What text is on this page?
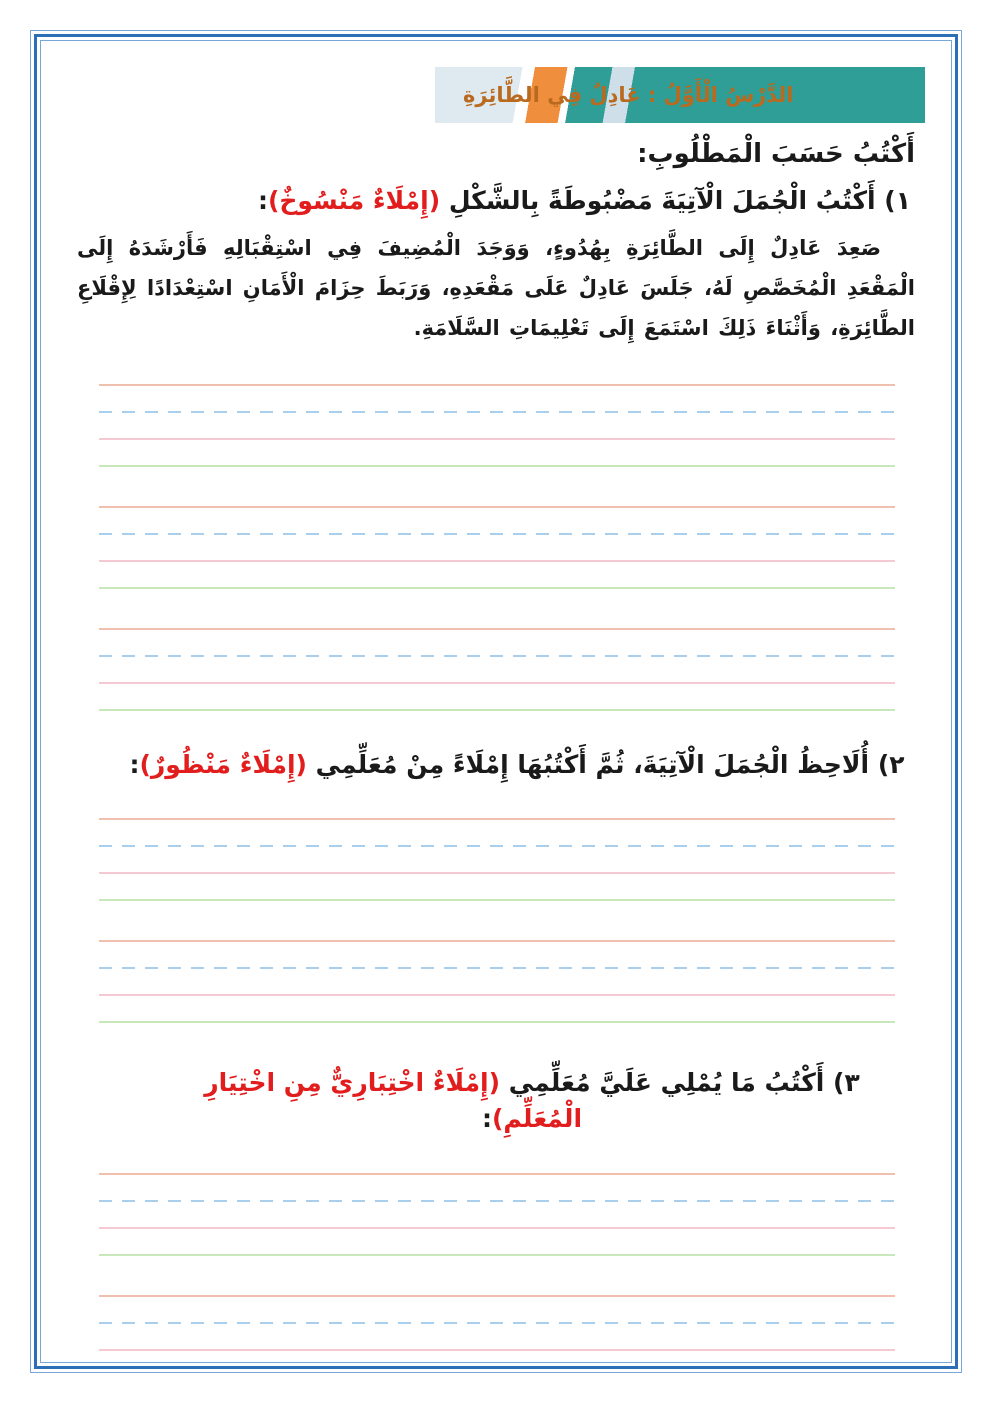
الدَّرْسُ الْأَوَّلُ : عَادِلٌ فِي الطَّائِرَةِ
أَكْتُبُ حَسَبَ الْمَطْلُوبِ:

١) أَكْتُبُ الْجُمَلَ الْآتِيَةَ مَضْبُوطَةً بِالشَّكْلِ (إِمْلَاءٌ مَنْسُوخٌ):

صَعِدَ عَادِلٌ إِلَى الطَّائِرَةِ بِهُدُوءٍ، وَوَجَدَ الْمُضِيفَ فِي اسْتِقْبَالِهِ فَأَرْشَدَهُ إِلَى الْمَقْعَدِ الْمُخَصَّصِ لَهُ، جَلَسَ عَادِلٌ عَلَى مَقْعَدِهِ، وَرَبَطَ حِزَامَ الْأَمَانِ اسْتِعْدَادًا لِإِقْلَاعِ الطَّائِرَةِ، وَأَثْنَاءَ ذَلِكَ اسْتَمَعَ إِلَى تَعْلِيمَاتِ السَّلَامَةِ.

٢) أُلَاحِظُ الْجُمَلَ الْآتِيَةَ، ثُمَّ أَكْتُبُهَا إِمْلَاءً مِنْ مُعَلِّمِي (إِمْلَاءٌ مَنْظُورٌ):

٣) أَكْتُبُ مَا يُمْلِي عَلَيَّ مُعَلِّمِي (إِمْلَاءٌ اخْتِبَارِيٌّ مِنِ اخْتِيَارِ الْمُعَلِّمِ):
